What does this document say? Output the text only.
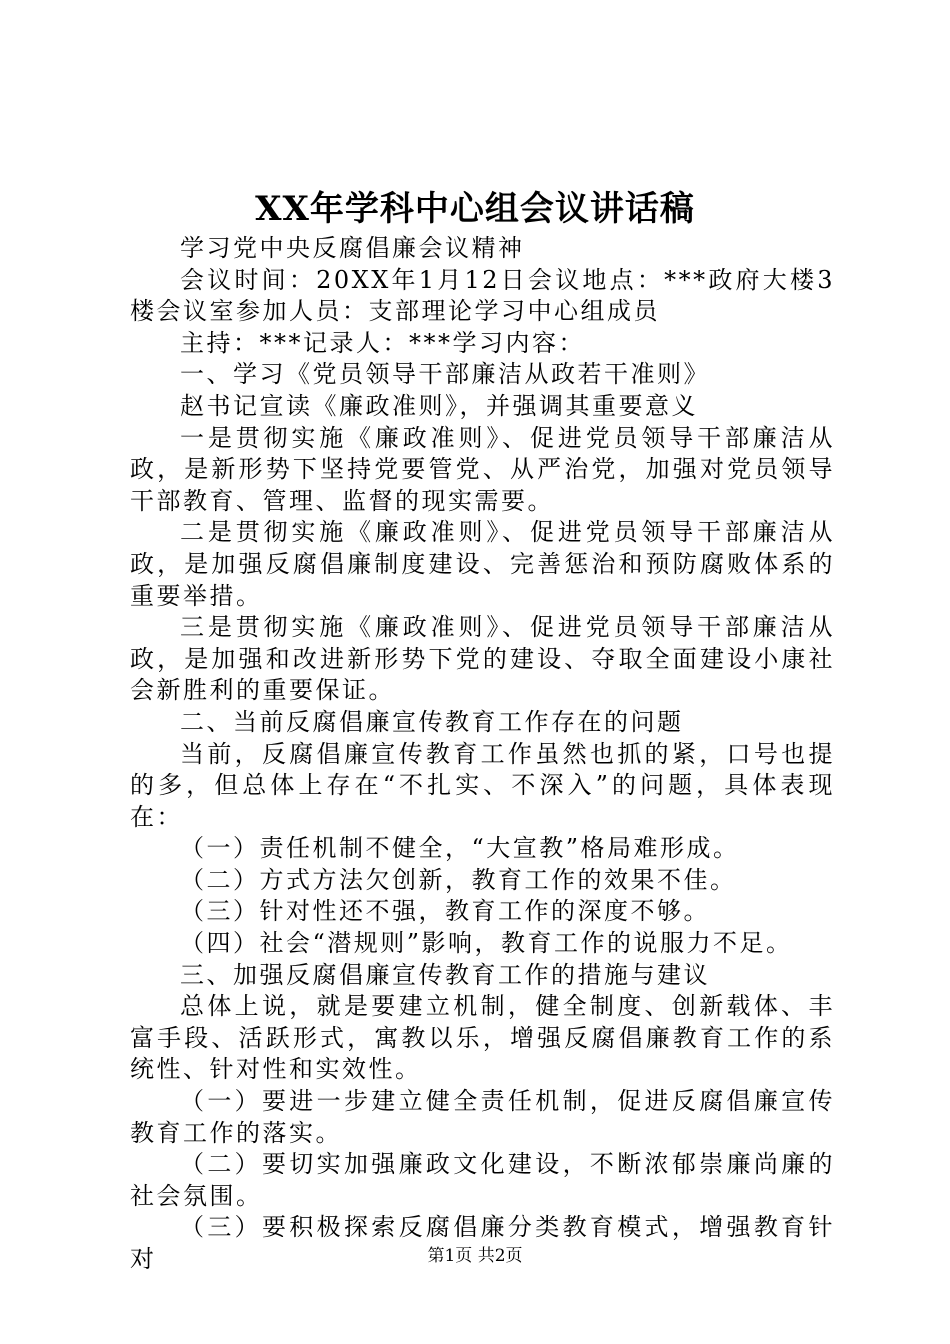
XX年学科中心组会议讲话稿

学习党中央反腐倡廉会议精神

会议时间：20XX年1月12日会议地点：***政府大楼3楼会议室参加人员：支部理论学习中心组成员

主持：***记录人：***学习内容：

一、学习《党员领导干部廉洁从政若干准则》

赵书记宣读《廉政准则》，并强调其重要意义

一是贯彻实施《廉政准则》、促进党员领导干部廉洁从政，是新形势下坚持党要管党、从严治党，加强对党员领导干部教育、管理、监督的现实需要。

二是贯彻实施《廉政准则》、促进党员领导干部廉洁从政，是加强反腐倡廉制度建设、完善惩治和预防腐败体系的重要举措。

三是贯彻实施《廉政准则》、促进党员领导干部廉洁从政，是加强和改进新形势下党的建设、夺取全面建设小康社会新胜利的重要保证。

二、当前反腐倡廉宣传教育工作存在的问题

当前，反腐倡廉宣传教育工作虽然也抓的紧，口号也提的多，但总体上存在“不扎实、不深入”的问题，具体表现在：

（一）责任机制不健全，“大宣教”格局难形成。

（二）方式方法欠创新，教育工作的效果不佳。

（三）针对性还不强，教育工作的深度不够。

（四）社会“潜规则”影响，教育工作的说服力不足。

三、加强反腐倡廉宣传教育工作的措施与建议

总体上说，就是要建立机制，健全制度、创新载体、丰富手段、活跃形式，寓教以乐，增强反腐倡廉教育工作的系统性、针对性和实效性。

（一）要进一步建立健全责任机制，促进反腐倡廉宣传教育工作的落实。

（二）要切实加强廉政文化建设，不断浓郁崇廉尚廉的社会氛围。

（三）要积极探索反腐倡廉分类教育模式，增强教育针对	第1页 共2页
